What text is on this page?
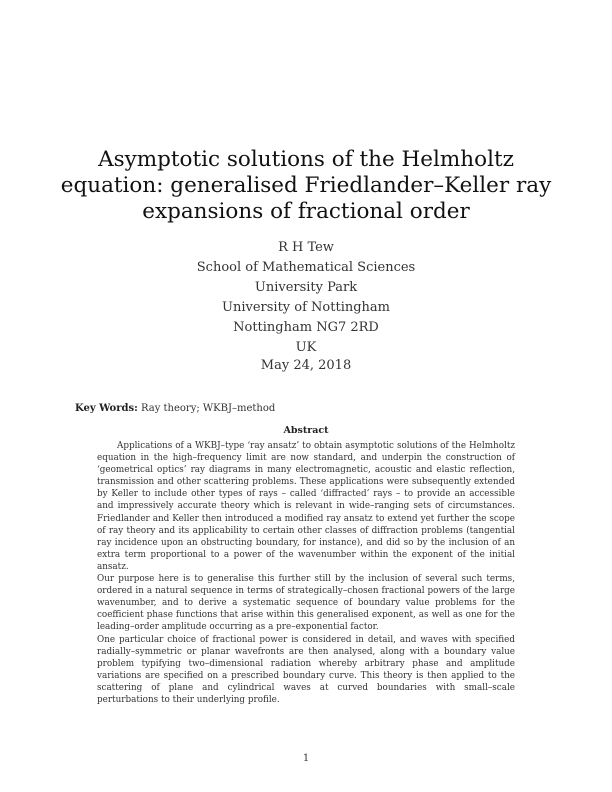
Asymptotic solutions of the Helmholtz
equation: generalised Friedlander–Keller ray
expansions of fractional order
R H Tew
School of Mathematical Sciences
University Park
University of Nottingham
Nottingham NG7 2RD
UK
May 24, 2018
Key Words: Ray theory; WKBJ–method
Abstract

Applications of a WKBJ–type ‘ray ansatz’ to obtain asymptotic solutions of the Helmholtz equation in the high–frequency limit are now standard, and underpin the construction of ‘geometrical optics’ ray diagrams in many electromagnetic, acoustic and elastic reflection, transmission and other scattering problems. These applications were subsequently extended by Keller to include other types of rays – called ‘diffracted’ rays – to provide an accessible and impressively accurate theory which is relevant in wide–ranging sets of circumstances. Friedlander and Keller then introduced a modified ray ansatz to extend yet further the scope of ray theory and its applicability to certain other classes of diffraction problems (tangential ray incidence upon an obstructing boundary, for instance), and did so by the inclusion of an extra term proportional to a power of the wavenumber within the exponent of the initial ansatz.

Our purpose here is to generalise this further still by the inclusion of several such terms, ordered in a natural sequence in terms of strategically–chosen fractional powers of the large wavenumber, and to derive a systematic sequence of boundary value problems for the coefficient phase functions that arise within this generalised exponent, as well as one for the leading–order amplitude occurring as a pre–exponential factor.

One particular choice of fractional power is considered in detail, and waves with specified radially–symmetric or planar wavefronts are then analysed, along with a boundary value problem typifying two–dimensional radiation whereby arbitrary phase and amplitude variations are specified on a prescribed boundary curve. This theory is then applied to the scattering of plane and cylindrical waves at curved boundaries with small–scale perturbations to their underlying profile.

1
